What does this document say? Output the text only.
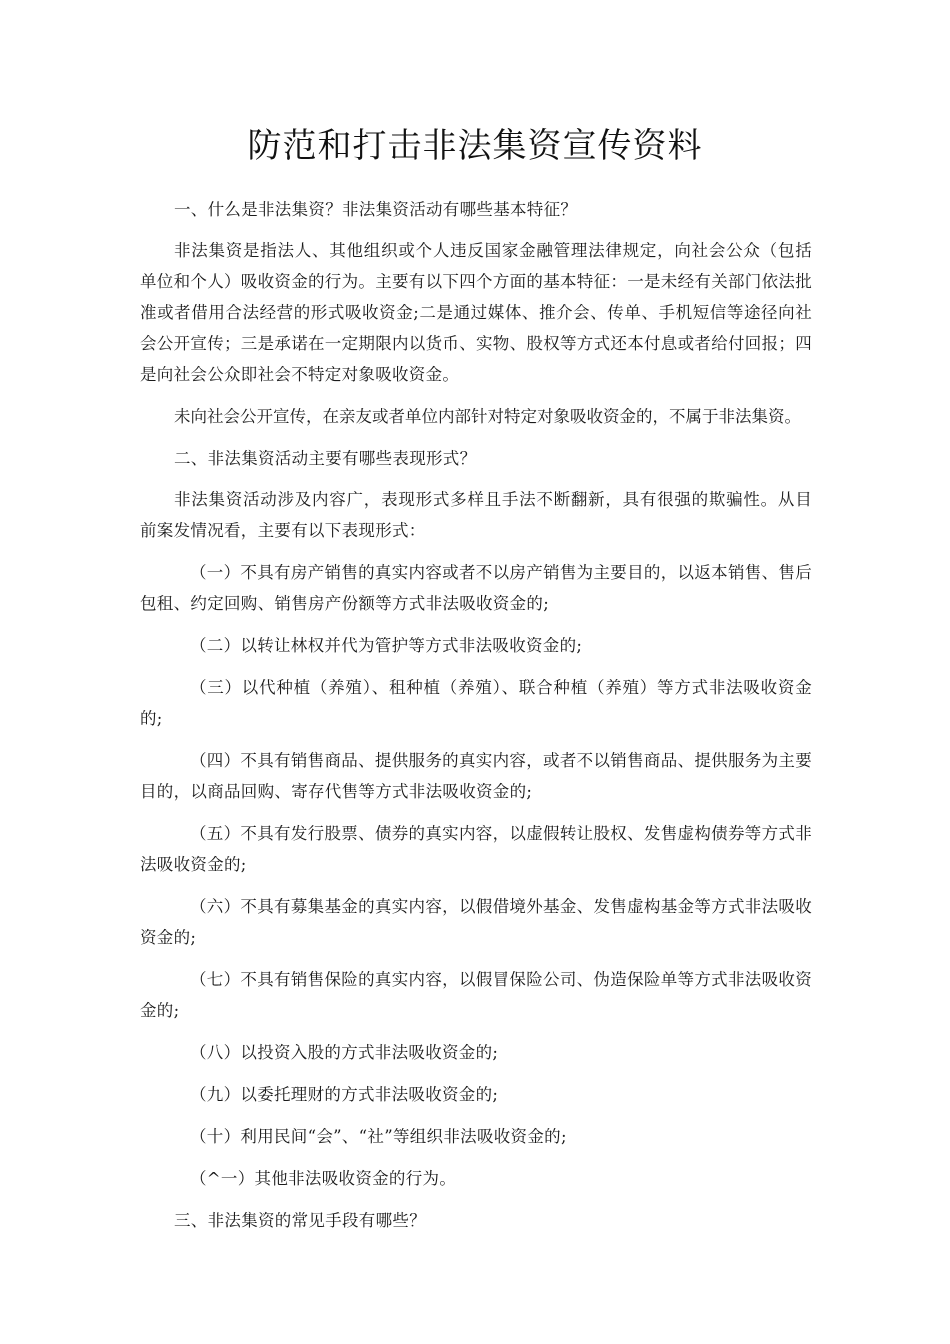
防范和打击非法集资宣传资料

一、什么是非法集资？非法集资活动有哪些基本特征？

非法集资是指法人、其他组织或个人违反国家金融管理法律规定，向社会公众（包括单位和个人）吸收资金的行为。主要有以下四个方面的基本特征：一是未经有关部门依法批准或者借用合法经营的形式吸收资金;二是通过媒体、推介会、传单、手机短信等途径向社会公开宣传；三是承诺在一定期限内以货币、实物、股权等方式还本付息或者给付回报；四是向社会公众即社会不特定对象吸收资金。

未向社会公开宣传，在亲友或者单位内部针对特定对象吸收资金的，不属于非法集资。

二、非法集资活动主要有哪些表现形式？

非法集资活动涉及内容广，表现形式多样且手法不断翻新，具有很强的欺骗性。从目前案发情况看，主要有以下表现形式：

（一）不具有房产销售的真实内容或者不以房产销售为主要目的，以返本销售、售后包租、约定回购、销售房产份额等方式非法吸收资金的;

（二）以转让林权并代为管护等方式非法吸收资金的;

（三）以代种植（养殖）、租种植（养殖）、联合种植（养殖）等方式非法吸收资金的;

（四）不具有销售商品、提供服务的真实内容，或者不以销售商品、提供服务为主要目的，以商品回购、寄存代售等方式非法吸收资金的;

（五）不具有发行股票、债券的真实内容，以虚假转让股权、发售虚构债券等方式非法吸收资金的;

（六）不具有募集基金的真实内容，以假借境外基金、发售虚构基金等方式非法吸收资金的;

（七）不具有销售保险的真实内容，以假冒保险公司、伪造保险单等方式非法吸收资金的;

（八）以投资入股的方式非法吸收资金的;

（九）以委托理财的方式非法吸收资金的;

（十）利用民间“会”、“社”等组织非法吸收资金的;

（^一）其他非法吸收资金的行为。

三、非法集资的常见手段有哪些？
